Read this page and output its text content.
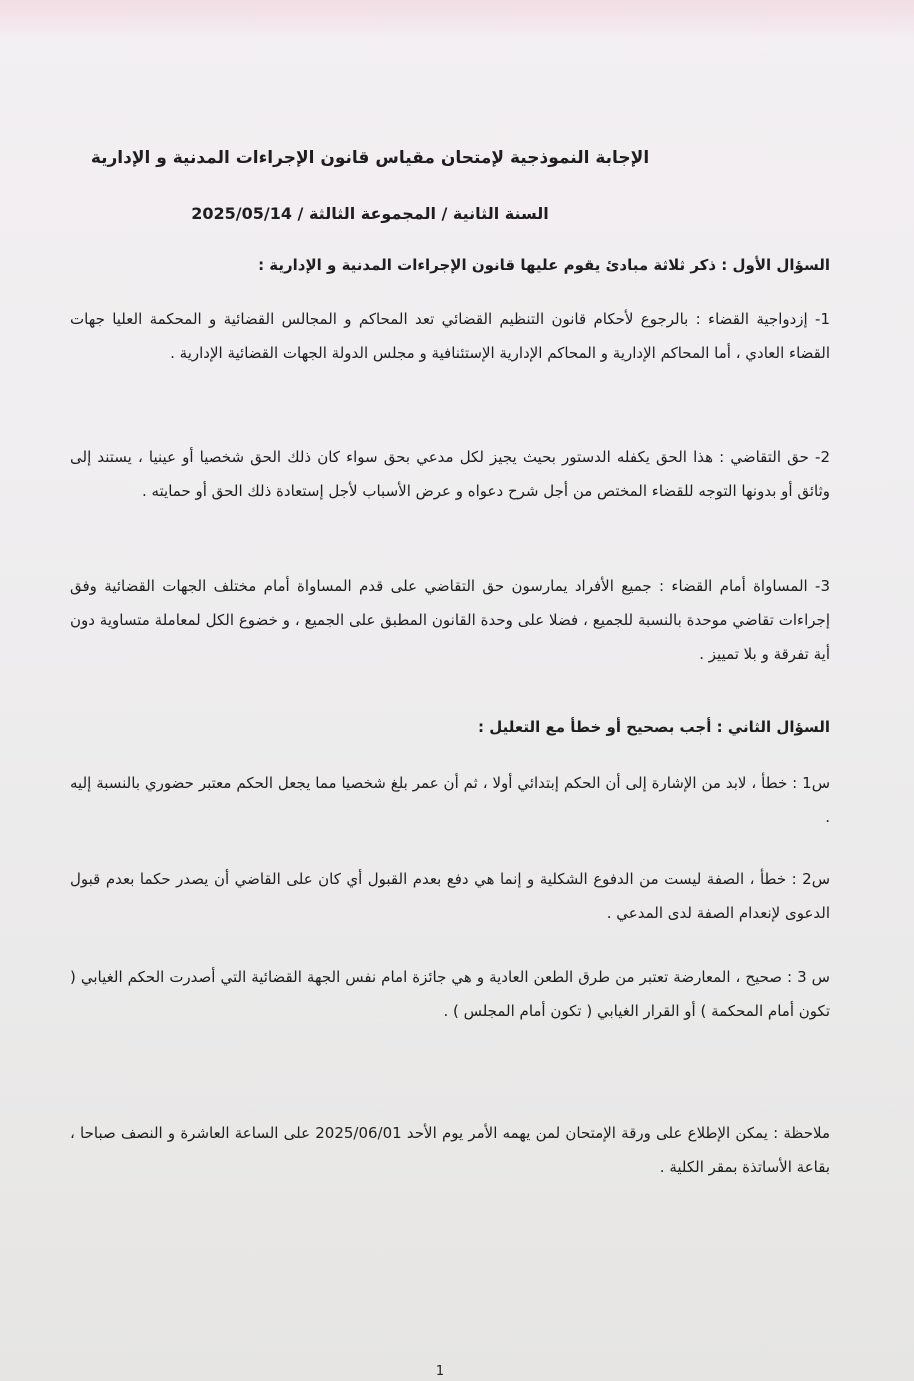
الإجابة النموذجية لإمتحان مقياس قانون الإجراءات المدنية و الإدارية
السنة الثانية / المجموعة الثالثة / 2025/05/14

السؤال الأول : ذكر ثلاثة مبادئ يقوم عليها قانون الإجراءات المدنية و الإدارية :

1- إزدواجية القضاء : بالرجوع لأحكام قانون التنظيم القضائي تعد المحاكم و المجالس القضائية و المحكمة العليا جهات القضاء العادي ، أما المحاكم الإدارية و المحاكم الإدارية الإستئنافية و مجلس الدولة الجهات القضائية الإدارية .

2- حق التقاضي : هذا الحق يكفله الدستور بحيث يجيز لكل مدعي بحق سواء كان ذلك الحق شخصيا أو عينيا ، يستند إلى وثائق أو بدونها التوجه للقضاء المختص من أجل شرح دعواه و عرض الأسباب لأجل إستعادة ذلك الحق أو حمايته .

3- المساواة أمام القضاء : جميع الأفراد يمارسون حق التقاضي على قدم المساواة أمام مختلف الجهات القضائية وفق إجراءات تقاضي موحدة بالنسبة للجميع ، فضلا على وحدة القانون المطبق على الجميع ، و خضوع الكل لمعاملة متساوية دون أية تفرقة و بلا تمييز .

السؤال الثاني : أجب بصحيح أو خطأ مع التعليل :

س1 : خطأ ، لابد من الإشارة إلى أن الحكم إبتدائي أولا ، ثم أن عمر بلغ شخصيا مما يجعل الحكم معتبر حضوري بالنسبة إليه .

س2 : خطأ ، الصفة ليست من الدفوع الشكلية و إنما هي دفع بعدم القبول أي كان على القاضي أن يصدر حكما بعدم قبول الدعوى لإنعدام الصفة لدى المدعي .

س 3 : صحيح ، المعارضة تعتبر من طرق الطعن العادية و هي جائزة امام نفس الجهة القضائية التي أصدرت الحكم الغيابي ( تكون أمام المحكمة ) أو القرار الغيابي ( تكون أمام المجلس ) .

ملاحظة : يمكن الإطلاع على ورقة الإمتحان لمن يهمه الأمر يوم الأحد 2025/06/01 على الساعة العاشرة و النصف صباحا ، بقاعة الأساتذة بمقر الكلية .

1
